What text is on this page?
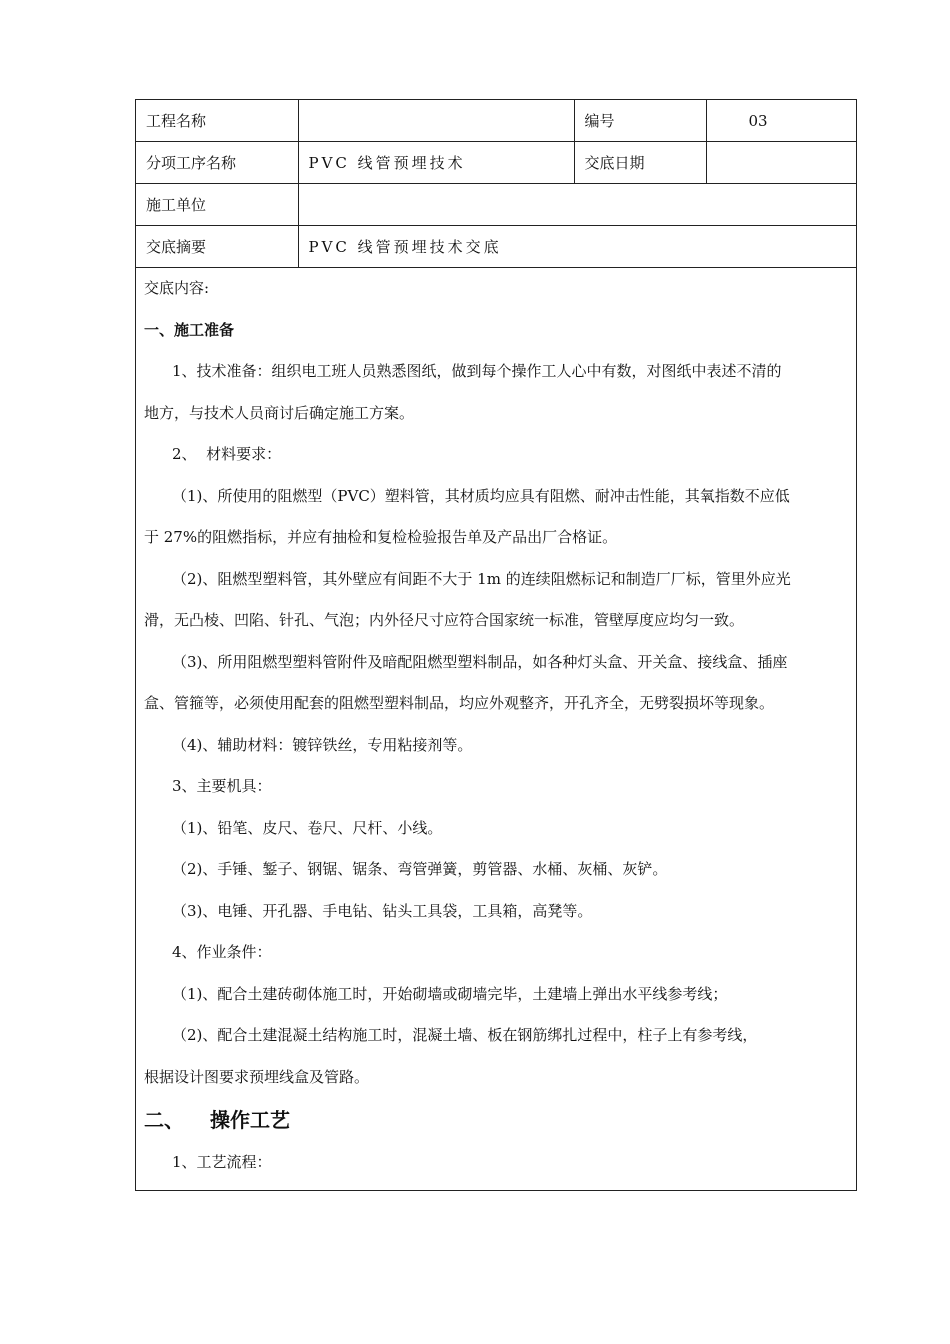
工程名称		编号	03
分项工序名称	PVC 线管预埋技术	交底日期	
施工单位			
交底摘要	PVC 线管预埋技术交底		
交底内容:
一、施工准备
1、技术准备：组织电工班人员熟悉图纸，做到每个操作工人心中有数，对图纸中表述不清的
地方，与技术人员商讨后确定施工方案。
2、  材料要求：
（1)、所使用的阻燃型（PVC）塑料管，其材质均应具有阻燃、耐冲击性能，其氧指数不应低
于 27%的阻燃指标，并应有抽检和复检检验报告单及产品出厂合格证。
（2)、阻燃型塑料管，其外壁应有间距不大于 1m 的连续阻燃标记和制造厂厂标，管里外应光
滑，无凸棱、凹陷、针孔、气泡；内外径尺寸应符合国家统一标准，管壁厚度应均匀一致。
（3)、所用阻燃型塑料管附件及暗配阻燃型塑料制品，如各种灯头盒、开关盒、接线盒、插座
盒、管箍等，必须使用配套的阻燃型塑料制品，均应外观整齐，开孔齐全，无劈裂损坏等现象。
（4)、辅助材料：镀锌铁丝，专用粘接剂等。
3、主要机具：
（1)、铅笔、皮尺、卷尺、尺杆、小线。
（2)、手锤、錾子、钢锯、锯条、弯管弹簧，剪管器、水桶、灰桶、灰铲。
（3)、电锤、开孔器、手电钻、钻头工具袋，工具箱，高凳等。
4、作业条件：
（1)、配合土建砖砌体施工时，开始砌墙或砌墙完毕，土建墙上弹出水平线参考线；
（2)、配合土建混凝土结构施工时，混凝土墙、板在钢筋绑扎过程中，柱子上有参考线，
根据设计图要求预埋线盒及管路。
二、 操作工艺
1、工艺流程：
